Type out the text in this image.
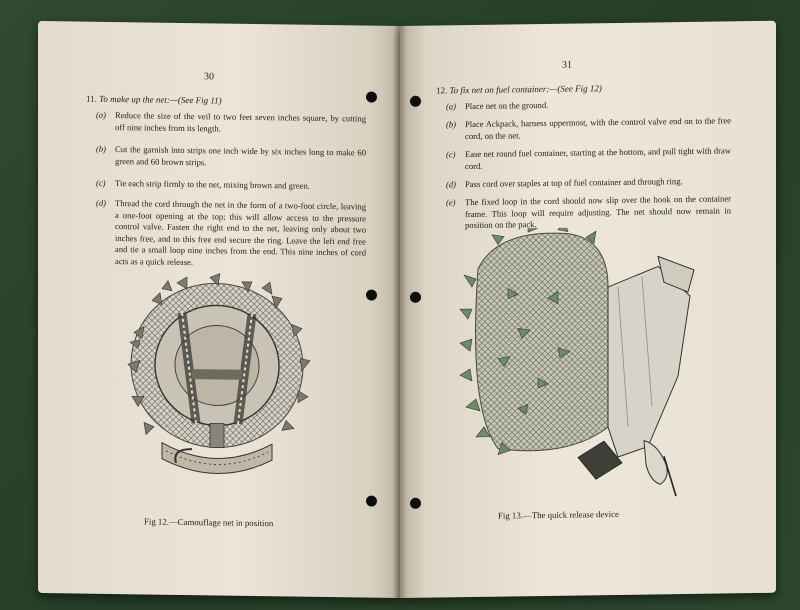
30
11. To make up the net:—(See Fig 11)
(a) Reduce the size of the veil to two feet seven inches square, by cutting off nine inches from its length.
(b) Cut the garnish into strips one inch wide by six inches long to make 60 green and 60 brown strips.
(c) Tie each strip firmly to the net, mixing brown and green.
(d) Thread the cord through the net in the form of a two-foot circle, leaving a one-foot opening at the top; this will allow access to the pressure control valve. Fasten the right end to the net, leaving only about two inches free, and to this free end secure the ring. Leave the left end free and tie a small loop nine inches from the end. This nine inches of cord acts as a quick release.
Fig 12.—Camouflage net in position
31
12. To fix net on fuel container:—(See Fig 12)
(a) Place net on the ground.
(b) Place Ackpack, harness uppermost, with the control valve end on to the free cord, on the net.
(c) Ease net round fuel container, starting at the bottom, and pull tight with draw cord.
(d) Pass cord over staples at top of fuel container and through ring.
(e) The fixed loop in the cord should now slip over the hook on the container frame. This loop will require adjusting. The net should now remain in position on the pack.
Fig 13.—The quick release device
